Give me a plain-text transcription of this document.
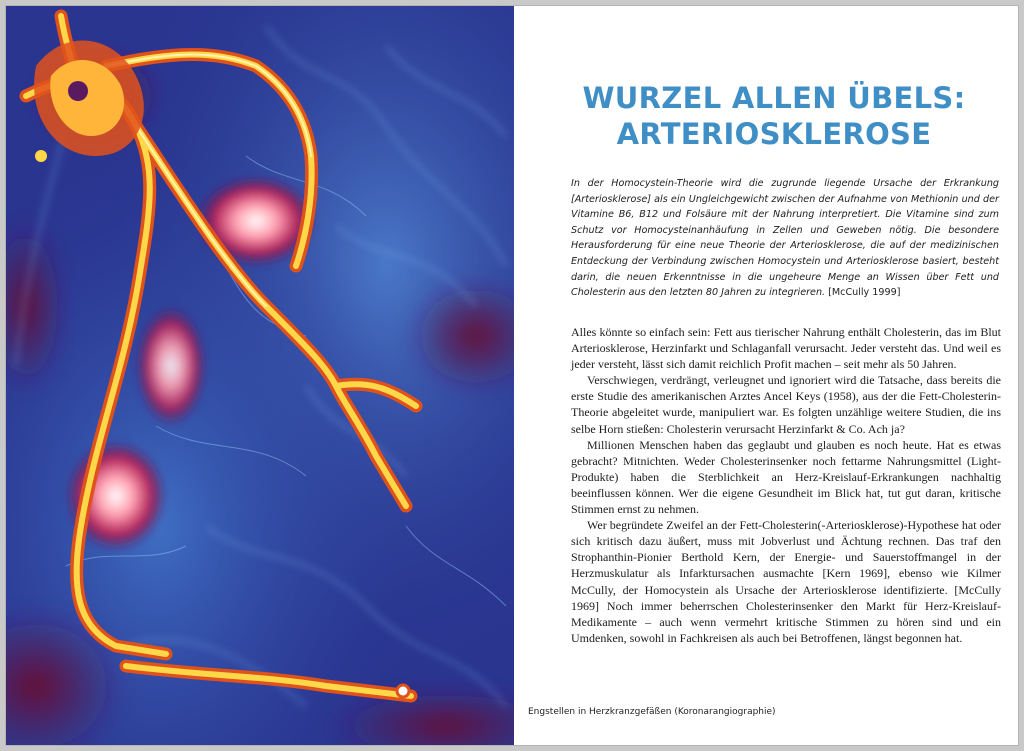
WURZEL ALLEN ÜBELS:
ARTERIOSKLEROSE

In der Homocystein-Theorie wird die zugrunde liegende Ursache der Erkrankung [Arteriosklerose] als ein Ungleichgewicht zwischen der Aufnahme von Methionin und der Vitamine B6, B12 und Folsäure mit der Nahrung interpretiert. Die Vitamine sind zum Schutz vor Homocysteinanhäufung in Zellen und Geweben nötig. Die besondere Herausforderung für eine neue Theorie der Arteriosklerose, die auf der medizinischen Entdeckung der Verbindung zwischen Homocystein und Arteriosklerose basiert, besteht darin, die neuen Erkenntnisse in die ungeheure Menge an Wissen über Fett und Cholesterin aus den letzten 80 Jahren zu integrieren. [McCully 1999]

Alles könnte so einfach sein: Fett aus tierischer Nahrung enthält Cholesterin, das im Blut Arteriosklerose, Herzinfarkt und Schlaganfall verursacht. Jeder versteht das. Und weil es jeder versteht, lässt sich damit reichlich Profit machen – seit mehr als 50 Jahren.

Verschwiegen, verdrängt, verleugnet und ignoriert wird die Tatsache, dass bereits die erste Studie des amerikanischen Arztes Ancel Keys (1958), aus der die Fett-Cholesterin-Theorie abgeleitet wurde, manipuliert war. Es folgten unzählige weitere Studien, die ins selbe Horn stießen: Cholesterin verursacht Herzinfarkt & Co. Ach ja?

Millionen Menschen haben das geglaubt und glauben es noch heute. Hat es etwas gebracht? Mitnichten. Weder Cholesterinsenker noch fettarme Nahrungsmittel (Light-Produkte) haben die Sterblichkeit an Herz-Kreislauf-Erkrankungen nachhaltig beeinflussen können. Wer die eigene Gesundheit im Blick hat, tut gut daran, kritische Stimmen ernst zu nehmen.

Wer begründete Zweifel an der Fett-Cholesterin(-Arteriosklerose)-Hypothese hat oder sich kritisch dazu äußert, muss mit Jobverlust und Ächtung rechnen. Das traf den Strophanthin-Pionier Berthold Kern, der Energie- und Sauerstoffmangel in der Herzmuskulatur als Infarktursachen ausmachte [Kern 1969], ebenso wie Kilmer McCully, der Homocystein als Ursache der Arteriosklerose identifizierte. [McCully 1969] Noch immer beherrschen Cholesterinsenker den Markt für Herz-Kreislauf-Medikamente – auch wenn vermehrt kritische Stimmen zu hören sind und ein Umdenken, sowohl in Fachkreisen als auch bei Betroffenen, längst begonnen hat.

Engstellen in Herzkranzgefäßen (Koronarangiographie)
